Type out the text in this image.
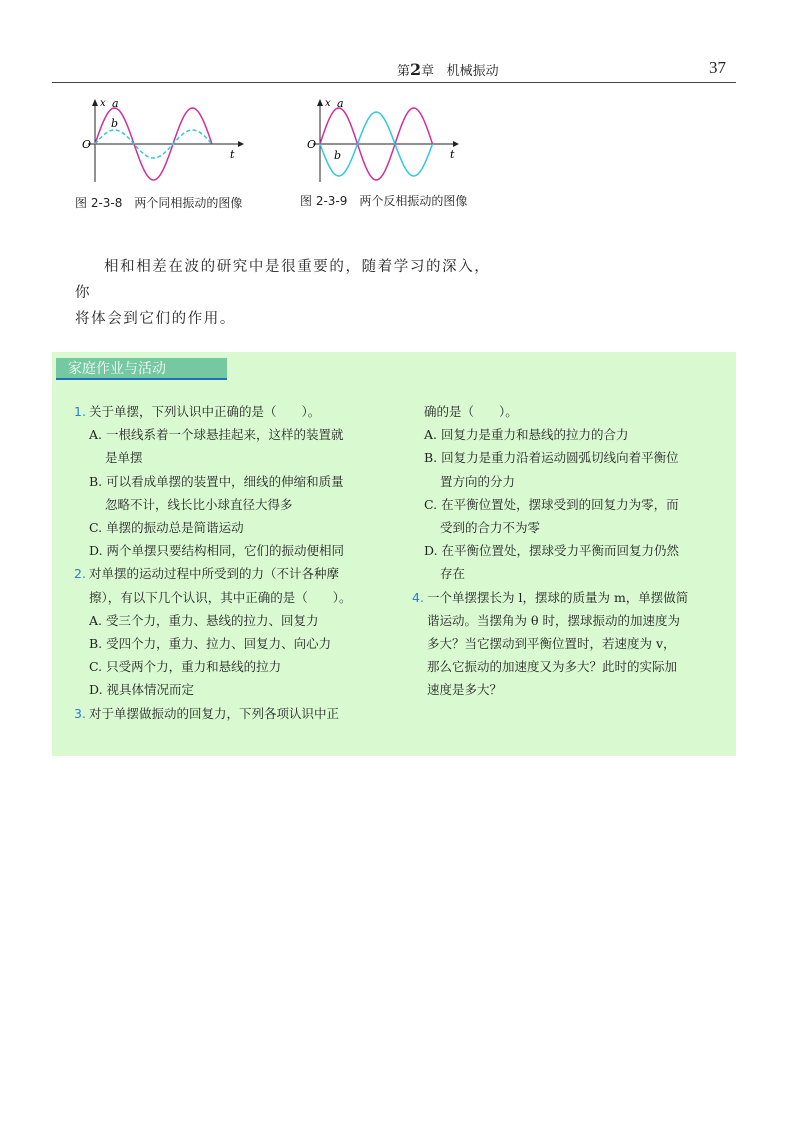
第2章 机械振动	37
x
t
O
a
b
图 2-3-8　两个同相振动的图像
x
t
O
a
b
图 2-3-9　两个反相振动的图像

相和相差在波的研究中是很重要的，随着学习的深入，你

将体会到它们的作用。
家庭作业与活动
1. 关于单摆，下列认识中正确的是（　　）。
A. 一根线系着一个球悬挂起来，这样的装置就
是单摆
B. 可以看成单摆的装置中，细线的伸缩和质量
忽略不计，线长比小球直径大得多
C. 单摆的振动总是简谐运动
D. 两个单摆只要结构相同，它们的振动便相同
2. 对单摆的运动过程中所受到的力（不计各种摩
擦），有以下几个认识，其中正确的是（　　）。
A. 受三个力，重力、悬线的拉力、回复力
B. 受四个力，重力、拉力、回复力、向心力
C. 只受两个力，重力和悬线的拉力
D. 视具体情况而定
3. 对于单摆做振动的回复力，下列各项认识中正
确的是（　　）。
A. 回复力是重力和悬线的拉力的合力
B. 回复力是重力沿着运动圆弧切线向着平衡位
置方向的分力
C. 在平衡位置处，摆球受到的回复力为零，而
受到的合力不为零
D. 在平衡位置处，摆球受力平衡而回复力仍然
存在
4. 一个单摆摆长为 l，摆球的质量为 m，单摆做简
谐运动。当摆角为 θ 时，摆球振动的加速度为
多大？当它摆动到平衡位置时，若速度为 v，
那么它振动的加速度又为多大？此时的实际加
速度是多大？
